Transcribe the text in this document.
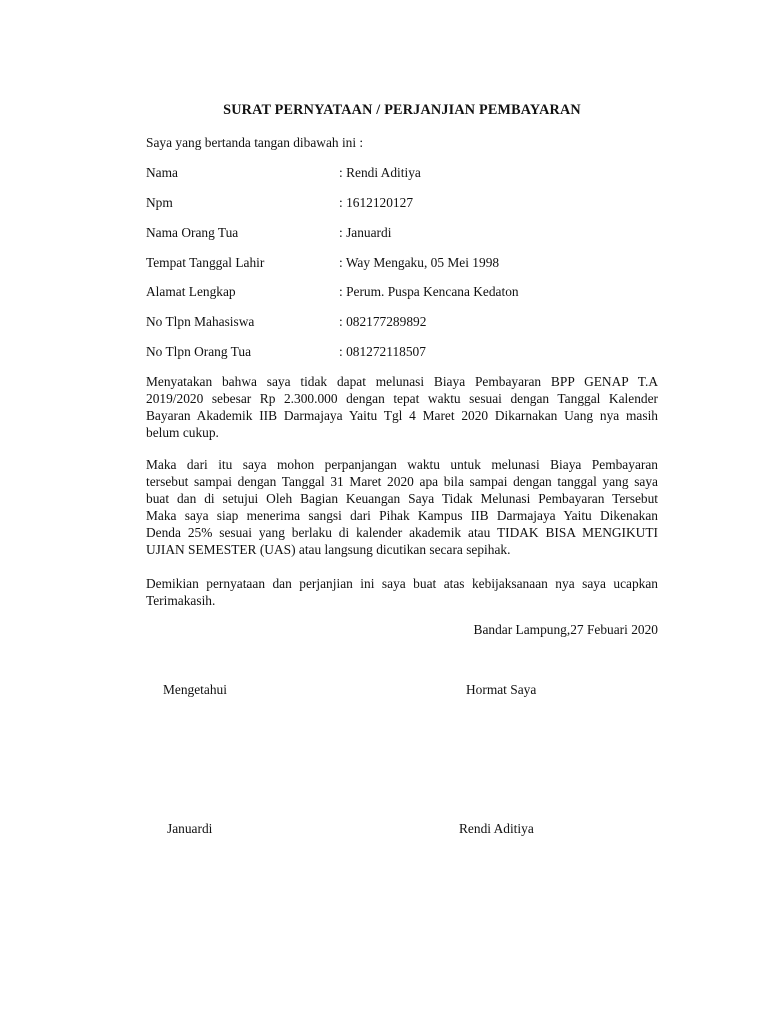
SURAT PERNYATAAN / PERJANJIAN PEMBAYARAN
Saya yang bertanda tangan dibawah ini :
Nama	: Rendi Aditiya
Npm	: 1612120127
Nama Orang Tua	: Januardi
Tempat Tanggal Lahir	: Way Mengaku, 05 Mei 1998
Alamat Lengkap	: Perum. Puspa Kencana Kedaton
No Tlpn Mahasiswa	: 082177289892
No Tlpn Orang Tua	: 081272118507
Menyatakan bahwa saya tidak dapat melunasi Biaya Pembayaran BPP GENAP T.A
2019/2020 sebesar Rp 2.300.000 dengan tepat waktu sesuai dengan Tanggal Kalender
Bayaran Akademik IIB Darmajaya Yaitu Tgl 4 Maret 2020 Dikarnakan Uang nya masih
belum cukup.
Maka dari itu saya mohon perpanjangan waktu untuk melunasi Biaya Pembayaran
tersebut sampai dengan Tanggal 31 Maret 2020 apa bila sampai dengan tanggal yang saya
buat dan di setujui Oleh Bagian Keuangan Saya Tidak Melunasi Pembayaran Tersebut
Maka saya siap menerima sangsi dari Pihak Kampus IIB Darmajaya Yaitu Dikenakan
Denda 25% sesuai yang berlaku di kalender akademik atau TIDAK BISA MENGIKUTI
UJIAN SEMESTER (UAS) atau langsung dicutikan secara sepihak.
Demikian pernyataan dan perjanjian ini saya buat atas kebijaksanaan nya saya ucapkan
Terimakasih.
Bandar Lampung,27 Febuari 2020
Mengetahui	Hormat Saya
Januardi	Rendi Aditiya
